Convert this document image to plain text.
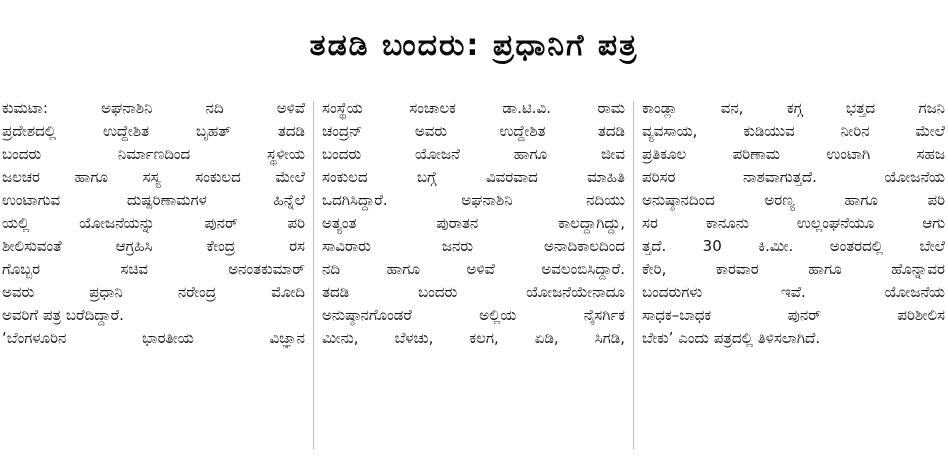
ತಡಡಿ ಬಂದರು: ಪ್ರಧಾನಿಗೆ ಪತ್ರ
ಕುಮಟಾ: ಅಘನಾಶಿನಿ ನದಿ ಅಳಿವೆ
ಪ್ರದೇಶದಲ್ಲಿ ಉದ್ದೇಶಿತ ಬೃಹತ್ ತದಡಿ
ಬಂದರು ನಿರ್ಮಾಣದಿಂದ ಸ್ಥಳೀಯ
ಜಲಚರ ಹಾಗೂ ಸಸ್ಯ ಸಂಕುಲದ ಮೇಲೆ
ಉಂಟಾಗುವ ದುಷ್ಪರಿಣಾಮಗಳ ಹಿನ್ನೆಲೆ
ಯಲ್ಲಿ ಯೋಜನೆಯನ್ನು ಪುನರ್ ಪರಿ
ಶೀಲಿಸುವಂತೆ ಆಗ್ರಹಿಸಿ ಕೇಂದ್ರ ರಸ
ಗೊಬ್ಬರ ಸಚಿವ ಅನಂತಕುಮಾರ್
ಅವರು ಪ್ರಧಾನಿ ನರೇಂದ್ರ ಮೋದಿ
ಅವರಿಗೆ ಪತ್ರ ಬರೆದಿದ್ದಾರೆ.
‘ಬೆಂಗಳೂರಿನ ಭಾರತೀಯ ವಿಜ್ಞಾನ
ಸಂಸ್ಥೆಯ ಸಂಚಾಲಕ ಡಾ.ಟಿ.ವಿ. ರಾಮ
ಚಂದ್ರನ್ ಅವರು ಉದ್ದೇಶಿತ ತದಡಿ
ಬಂದರು ಯೋಜನೆ ಹಾಗೂ ಜೀವ
ಸಂಕುಲದ ಬಗ್ಗೆ ವಿವರವಾದ ಮಾಹಿತಿ
ಒದಗಿಸಿದ್ದಾರೆ. ಅಘನಾಶಿನಿ ನದಿಯು
ಅತ್ಯಂತ ಪುರಾತನ ಕಾಲದ್ದಾಗಿದ್ದು,
ಸಾವಿರಾರು ಜನರು ಅನಾದಿಕಾಲದಿಂದ
ನದಿ ಹಾಗೂ ಅಳಿವೆ ಅವಲಂಬಿಸಿದ್ದಾರೆ.
ತದಡಿ ಬಂದರು ಯೋಜನೆಯೇನಾದೂ
ಅನುಷ್ಠಾನಗೊಂಡರೆ ಅಲ್ಲಿಯ ನೈಸರ್ಗಿಕ
ಮೀನು, ಬೆಳಚು, ಕಲಗ, ಏಡಿ, ಸಿಗಡಿ,
ಕಾಂಡ್ಲಾ ವನ, ಕಗ್ಗ ಭತ್ತದ ಗಜನಿ
ವ್ಯವಸಾಯ, ಕುಡಿಯುವ ನೀರಿನ ಮೇಲೆ
ಪ್ರತಿಕೂಲ ಪರಿಣಾಮ ಉಂಟಾಗಿ ಸಹಜ
ಪರಿಸರ ನಾಶವಾಗುತ್ತದೆ. ಯೋಜನೆಯ
ಅನುಷ್ಠಾನದಿಂದ ಅರಣ್ಯ ಹಾಗೂ ಪರಿ
ಸರ ಕಾನೂನು ಉಲ್ಲಂಘನೆಯೂ ಆಗು
ತ್ತದೆ. 30 ಕಿ.ಮೀ. ಅಂತರದಲ್ಲಿ ಬೇಲೆ
ಕೇರಿ, ಕಾರವಾರ ಹಾಗೂ ಹೊನ್ನಾವರ
ಬಂದರುಗಳು ಇವೆ. ಯೋಜನೆಯ
ಸಾಧಕ–ಬಾಧಕ ಪುನರ್ ಪರಿಶೀಲಿಸ
ಬೇಕು’ ಎಂದು ಪತ್ರದಲ್ಲಿ ತಿಳಿಸಲಾಗಿದೆ.
